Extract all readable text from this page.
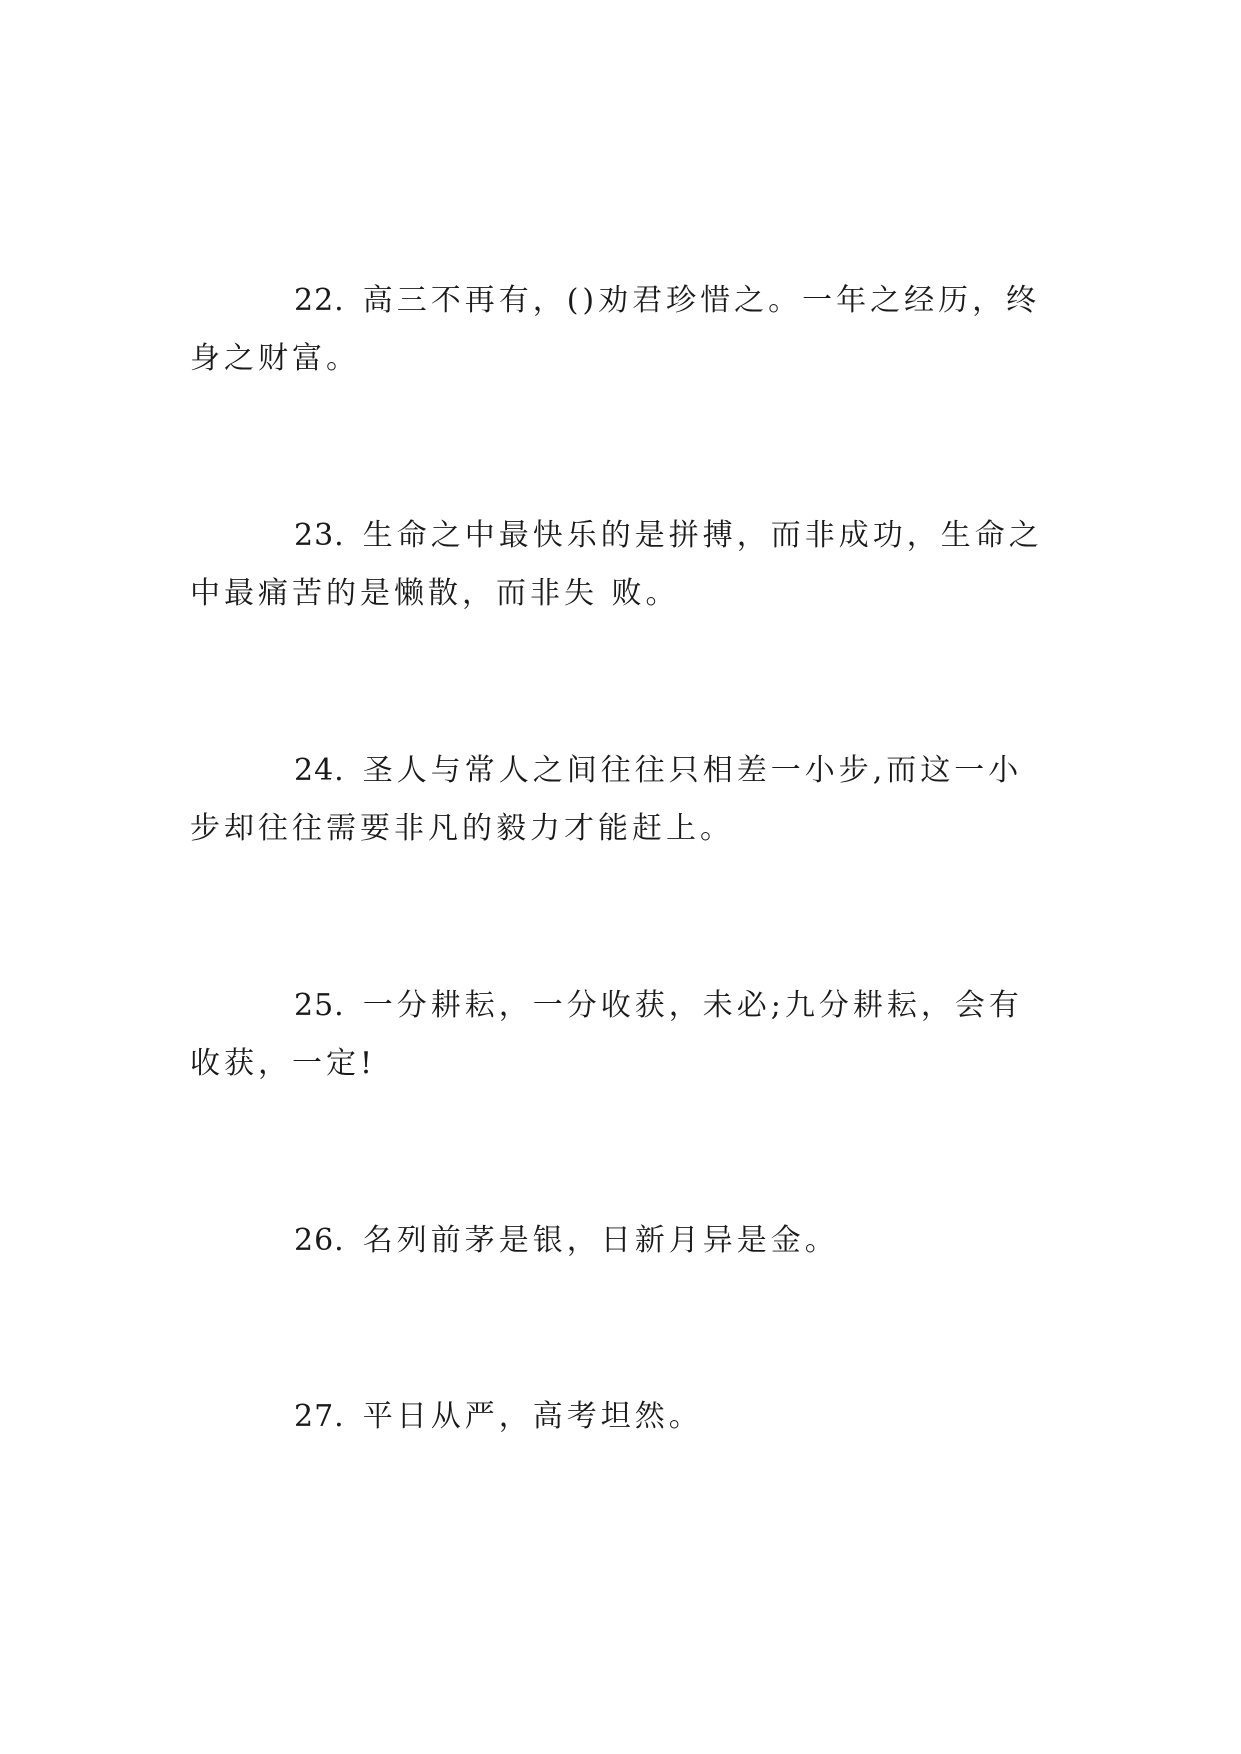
22. 高三不再有，()劝君珍惜之。一年之经历，终身之财富。

23. 生命之中最快乐的是拼搏，而非成功，生命之中最痛苦的是懒散，而非失 败。

24. 圣人与常人之间往往只相差一小步,而这一小步却往往需要非凡的毅力才能赶上。

25. 一分耕耘，一分收获，未必;九分耕耘，会有收获，一定!

26. 名列前茅是银，日新月异是金。

27. 平日从严，高考坦然。
